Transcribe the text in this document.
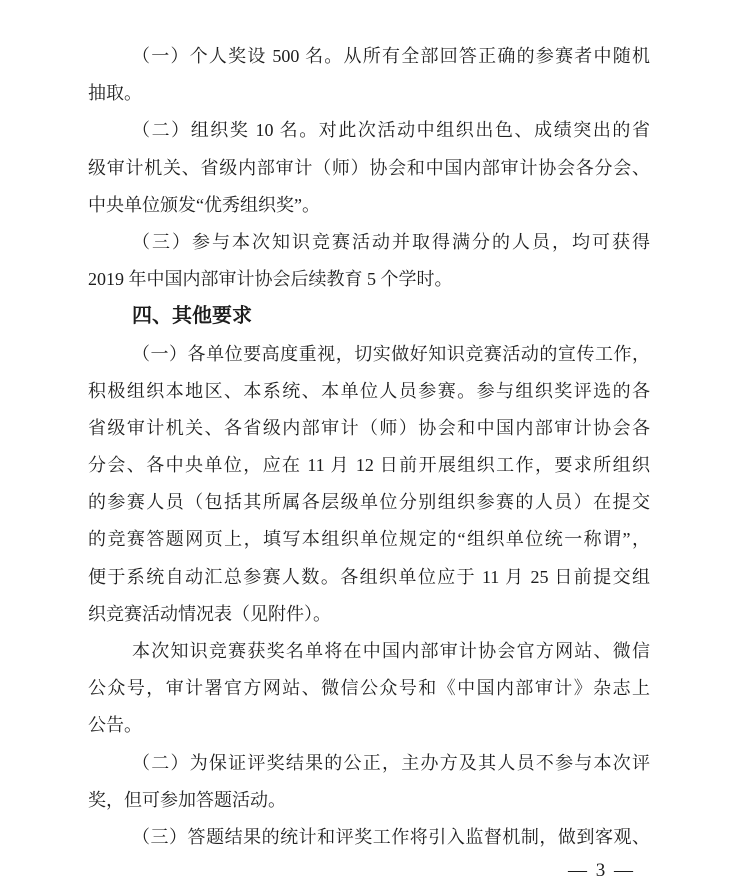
（一）个人奖设 500 名。从所有全部回答正确的参赛者中随机
抽取。
（二）组织奖 10 名。对此次活动中组织出色、成绩突出的省
级审计机关、省级内部审计（师）协会和中国内部审计协会各分会、
中央单位颁发“优秀组织奖”。
（三）参与本次知识竞赛活动并取得满分的人员，均可获得
2019 年中国内部审计协会后续教育 5 个学时。
四、其他要求
（一）各单位要高度重视，切实做好知识竞赛活动的宣传工作，
积极组织本地区、本系统、本单位人员参赛。参与组织奖评选的各
省级审计机关、各省级内部审计（师）协会和中国内部审计协会各
分会、各中央单位，应在 11 月 12 日前开展组织工作，要求所组织
的参赛人员（包括其所属各层级单位分别组织参赛的人员）在提交
的竞赛答题网页上，填写本组织单位规定的“组织单位统一称谓”，
便于系统自动汇总参赛人数。各组织单位应于 11 月 25 日前提交组
织竞赛活动情况表（见附件）。
本次知识竞赛获奖名单将在中国内部审计协会官方网站、微信
公众号，审计署官方网站、微信公众号和《中国内部审计》杂志上
公告。
（二）为保证评奖结果的公正，主办方及其人员不参与本次评
奖，但可参加答题活动。
（三）答题结果的统计和评奖工作将引入监督机制，做到客观、
— 3 —
